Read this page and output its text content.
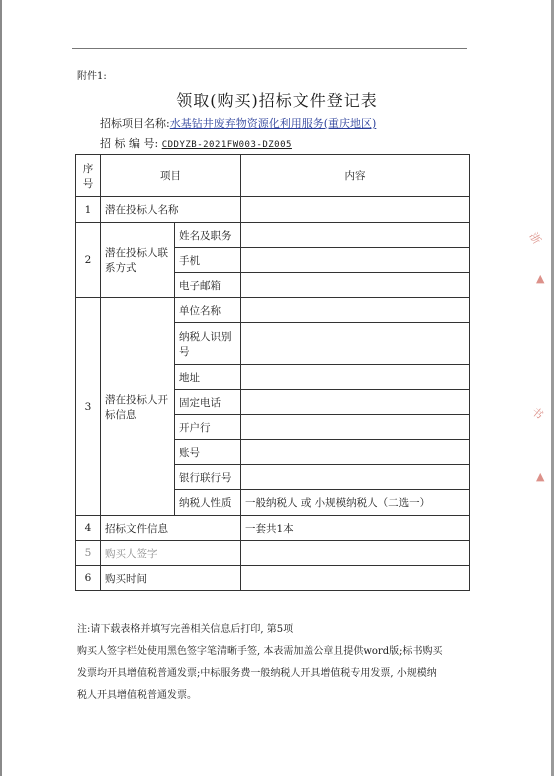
附件1:
领取(购买)招标文件登记表
招标项目名称:水基钻井废弃物资源化利用服务(重庆地区)
招 标 编 号: CDDYZB-2021FW003-DZ005
序号	项目		内容
1	潜在投标人名称		
2	潜在投标人联系方式	姓名及职务	
		手机	
		电子邮箱	
3	潜在投标人开标信息	单位名称	
		纳税人识别号	
		地址	
		固定电话	
		开户行	
		账号	
		银行联行号	
		纳税人性质	一般纳税人 或 小规模纳税人（二选一）
4	招标文件信息		一套共1本
5	购买人签字		
6	购买时间		
注:请下载表格并填写完善相关信息后打印, 第5项
购买人签字栏处使用黑色签字笔清晰手签, 本表需加盖公章且提供word版;标书购买
发票均开具增值税普通发票;中标服务费一般纳税人开具增值税专用发票, 小规模纳
税人开具增值税普通发票。
浙
▲

书
▲
